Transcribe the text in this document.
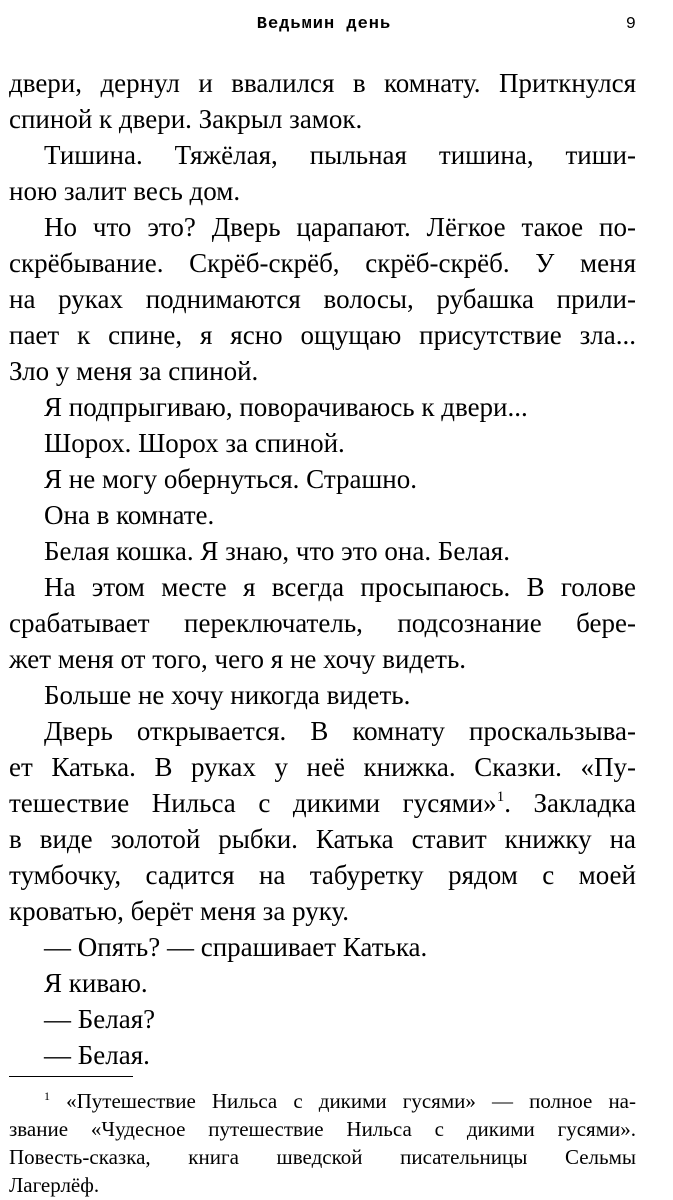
Ведьмин день	9
двери, дернул и ввалился в комнату. Приткнулся
спиной к двери. Закрыл замок.
Тишина. Тяжёлая, пыльная тишина, тиши-
ною залит весь дом.
Но что это? Дверь царапают. Лёгкое такое по-
скрёбывание. Скрёб-скрёб, скрёб-скрёб. У меня
на руках поднимаются волосы, рубашка прили-
пает к спине, я ясно ощущаю присутствие зла...
Зло у меня за спиной.
Я подпрыгиваю, поворачиваюсь к двери...
Шорох. Шорох за спиной.
Я не могу обернуться. Страшно.
Она в комнате.
Белая кошка. Я знаю, что это она. Белая.
На этом месте я всегда просыпаюсь. В голове
срабатывает переключатель, подсознание бере-
жет меня от того, чего я не хочу видеть.
Больше не хочу никогда видеть.
Дверь открывается. В комнату проскальзыва-
ет Катька. В руках у неё книжка. Сказки. «Пу-
тешествие Нильса с дикими гусями»$^1$. Закладка
в виде золотой рыбки. Катька ставит книжку на
тумбочку, садится на табуретку рядом с моей
кроватью, берёт меня за руку.
— Опять? — спрашивает Катька.
Я киваю.
— Белая?
— Белая.
$^1$ «Путешествие Нильса с дикими гусями» — полное на-
звание «Чудесное путешествие Нильса с дикими гусями».
Повесть-сказка, книга шведской писательницы Сельмы
Лагерлёф.
